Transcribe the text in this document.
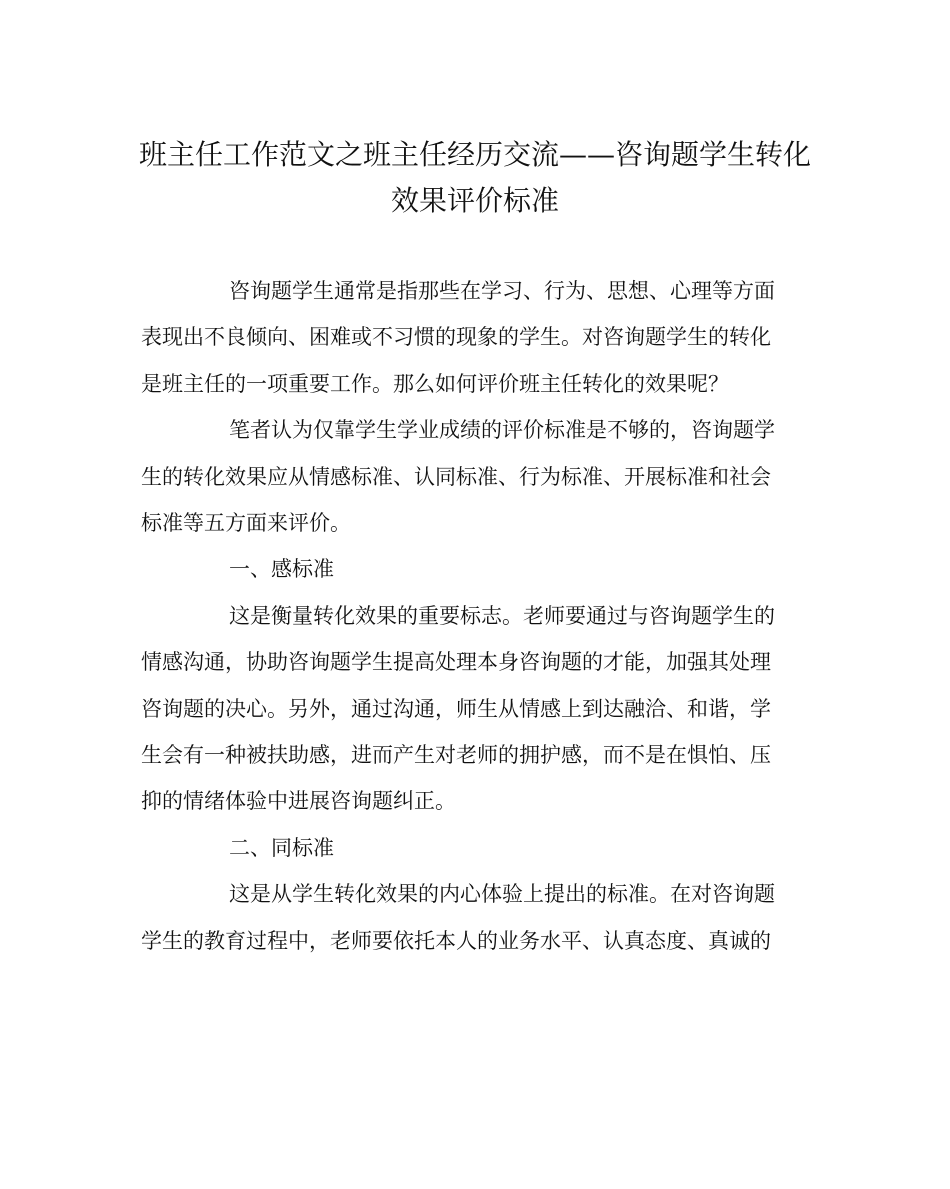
班主任工作范文之班主任经历交流——咨询题学生转化
效果评价标准

咨询题学生通常是指那些在学习、行为、思想、心理等方面
表现出不良倾向、困难或不习惯的现象的学生。对咨询题学生的转化
是班主任的一项重要工作。那么如何评价班主任转化的效果呢？

笔者认为仅靠学生学业成绩的评价标准是不够的，咨询题学
生的转化效果应从情感标准、认同标准、行为标准、开展标准和社会
标准等五方面来评价。

一、感标准

这是衡量转化效果的重要标志。老师要通过与咨询题学生的
情感沟通，协助咨询题学生提高处理本身咨询题的才能，加强其处理
咨询题的决心。另外，通过沟通，师生从情感上到达融洽、和谐，学
生会有一种被扶助感，进而产生对老师的拥护感，而不是在惧怕、压
抑的情绪体验中进展咨询题纠正。

二、同标准

这是从学生转化效果的内心体验上提出的标准。在对咨询题
学生的教育过程中，老师要依托本人的业务水平、认真态度、真诚的
